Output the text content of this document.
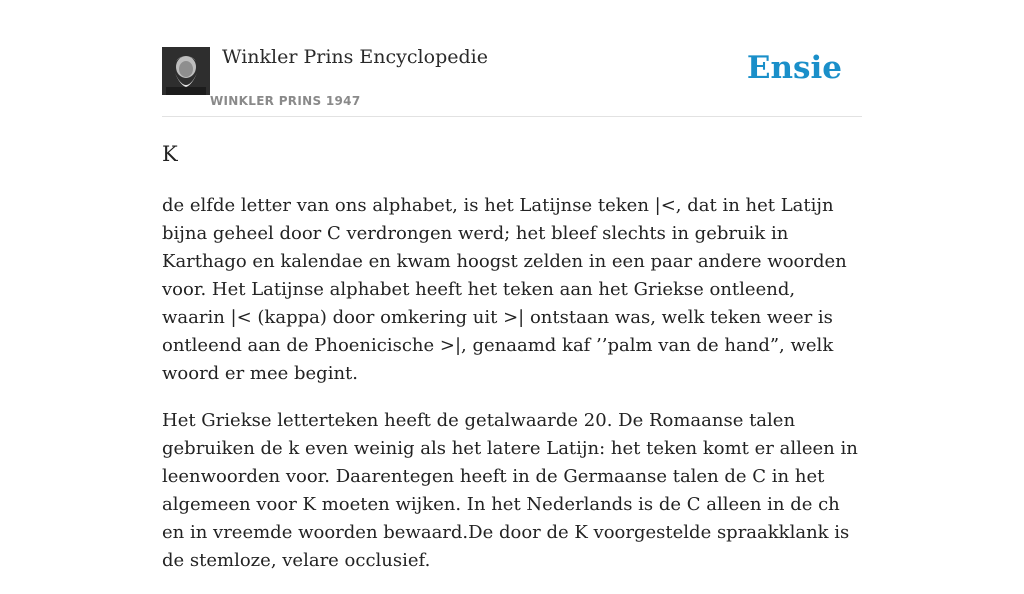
Winkler Prins Encyclopedie
WINKLER PRINS 1947
Ensie
K

de elfde letter van ons alphabet, is het Latijnse teken |<, dat in het Latijn bijna geheel door C verdrongen werd; het bleef slechts in gebruik in Karthago en kalendae en kwam hoogst zelden in een paar andere woorden voor. Het Latijnse alphabet heeft het teken aan het Griekse ontleend, waarin |< (kappa) door omkering uit >| ontstaan was, welk teken weer is ontleend aan de Phoenicische >|, genaamd kaf ’’palm van de hand”, welk woord er mee begint.

Het Griekse letterteken heeft de getalwaarde 20. De Romaanse talen gebruiken de k even weinig als het latere Latijn: het teken komt er alleen in leenwoorden voor. Daarentegen heeft in de Germaanse talen de C in het algemeen voor K moeten wijken. In het Nederlands is de C alleen in de ch en in vreemde woorden bewaard.De door de K voorgestelde spraakklank is de stemloze, velare occlusief.
